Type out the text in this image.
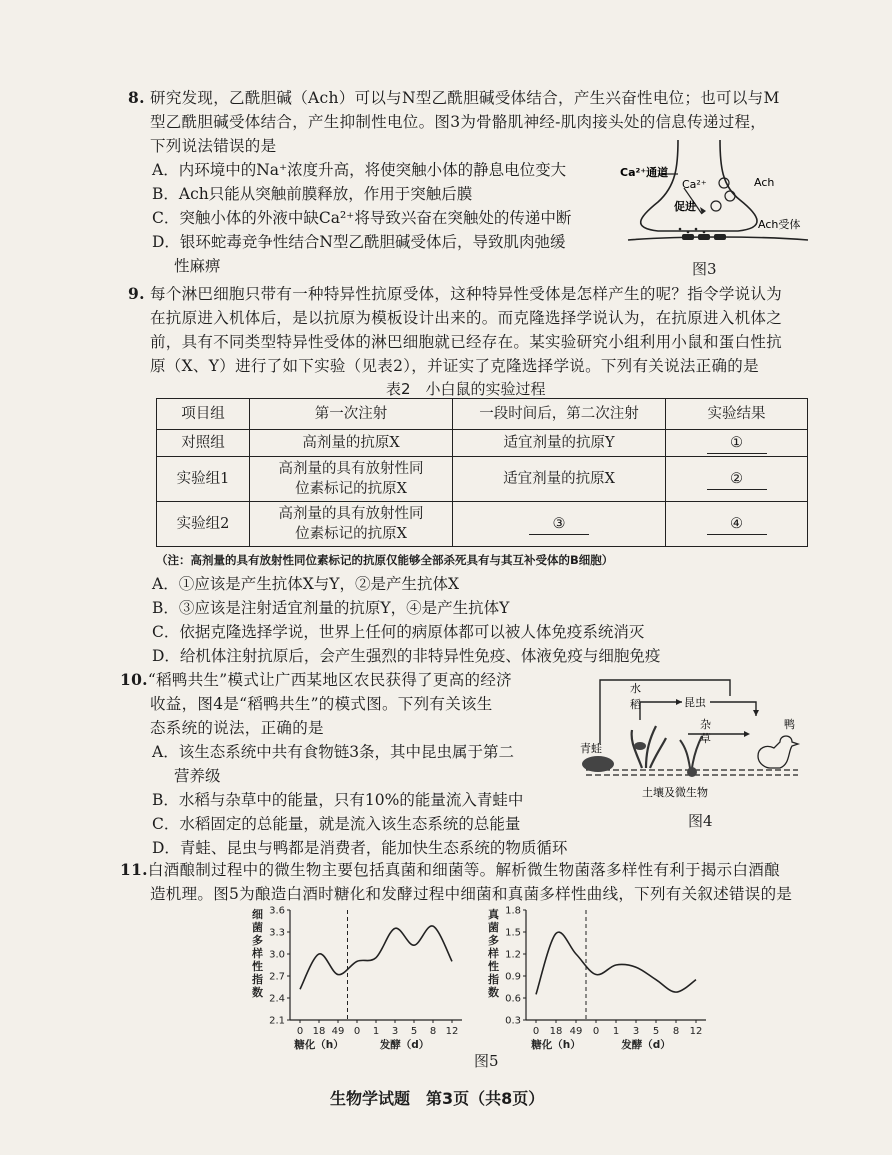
8. 研究发现，乙酰胆碱（Ach）可以与N型乙酰胆碱受体结合，产生兴奋性电位；也可以与M
型乙酰胆碱受体结合，产生抑制性电位。图3为骨骼肌神经-肌肉接头处的信息传递过程，
下列说法错误的是
A．内环境中的Na⁺浓度升高，将使突触小体的静息电位变大
B．Ach只能从突触前膜释放，作用于突触后膜
C．突触小体的外液中缺Ca²⁺将导致兴奋在突触处的传递中断
D．银环蛇毒竞争性结合N型乙酰胆碱受体后，导致肌肉弛缓
性麻痹
Ca²⁺通道
Ca²⁺
促进
Ach
Ach受体
图3
9. 每个淋巴细胞只带有一种特异性抗原受体，这种特异性受体是怎样产生的呢？指令学说认为
在抗原进入机体后，是以抗原为模板设计出来的。而克隆选择学说认为，在抗原进入机体之
前，具有不同类型特异性受体的淋巴细胞就已经存在。某实验研究小组利用小鼠和蛋白性抗
原（X、Y）进行了如下实验（见表2），并证实了克隆选择学说。下列有关说法正确的是
表2　小白鼠的实验过程
项目组	第一次注射	一段时间后，第二次注射	实验结果
对照组	高剂量的抗原X	适宜剂量的抗原Y	①
实验组1	高剂量的具有放射性同
位素标记的抗原X	适宜剂量的抗原X	②
实验组2	高剂量的具有放射性同
位素标记的抗原X	③	④
（注：高剂量的具有放射性同位素标记的抗原仅能够全部杀死具有与其互补受体的B细胞）
A．①应该是产生抗体X与Y，②是产生抗体X
B．③应该是注射适宜剂量的抗原Y，④是产生抗体Y
C．依据克隆选择学说，世界上任何的病原体都可以被人体免疫系统消灭
D．给机体注射抗原后，会产生强烈的非特异性免疫、体液免疫与细胞免疫
10.“稻鸭共生”模式让广西某地区农民获得了更高的经济
收益，图4是“稻鸭共生”的模式图。下列有关该生
态系统的说法，正确的是
A．该生态系统中共有食物链3条，其中昆虫属于第二
营养级
B．水稻与杂草中的能量，只有10%的能量流入青蛙中
C．水稻固定的总能量，就是流入该生态系统的总能量
D．青蛙、昆虫与鸭都是消费者，能加快生态系统的物质循环
水
稻	昆虫
杂
草
鸭
青蛙
土壤及微生物
图4
11.白酒酿制过程中的微生物主要包括真菌和细菌等。解析微生物菌落多样性有利于揭示白酒酿
造机理。图5为酿造白酒时糖化和发酵过程中细菌和真菌多样性曲线，下列有关叙述错误的是
3.6
3.3
3.0
2.7
2.4
2.1
细
菌
多
样
性
指
数
0 18 49 0 1 3 5 8 12
糖化（h）	发酵（d）
1.8
1.5
1.2
0.9
0.6
0.3
真
菌
多
样
性
指
数
0 18 49 0 1 3 5 8 12
糖化（h）	发酵（d）
图5
生物学试题　第3页（共8页）
